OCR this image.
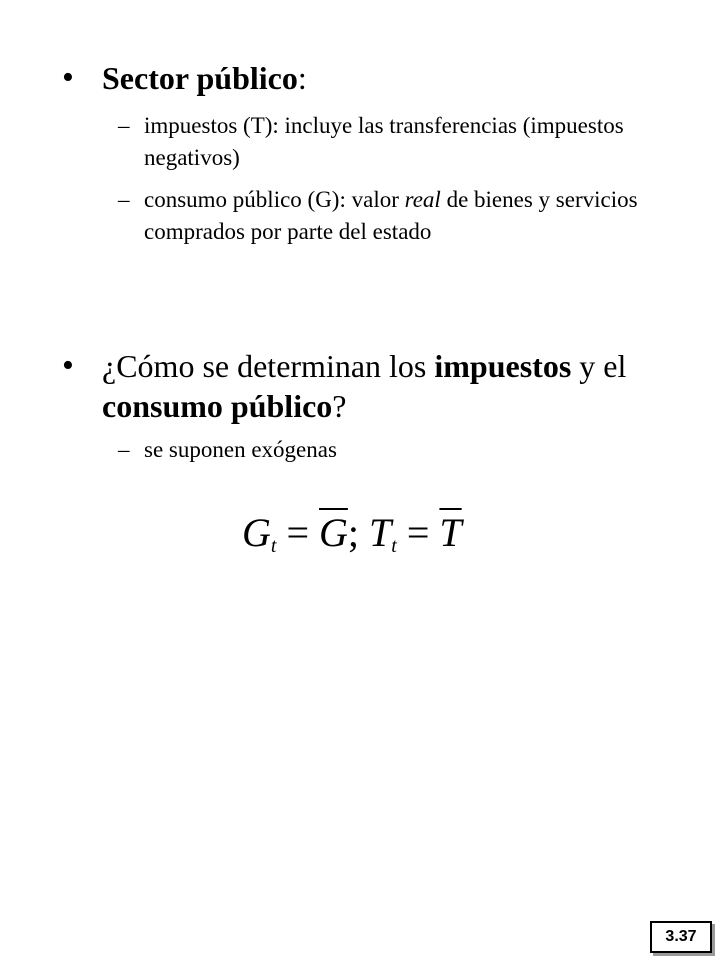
• Sector público:
– impuestos (T): incluye las transferencias (impuestos negativos)
– consumo público (G): valor real de bienes y servicios comprados por parte del estado
• ¿Cómo se determinan los impuestos y el consumo público?
– se suponen exógenas
$G_t = \overline{G}$; $T_t = \overline{T}$
3.37
